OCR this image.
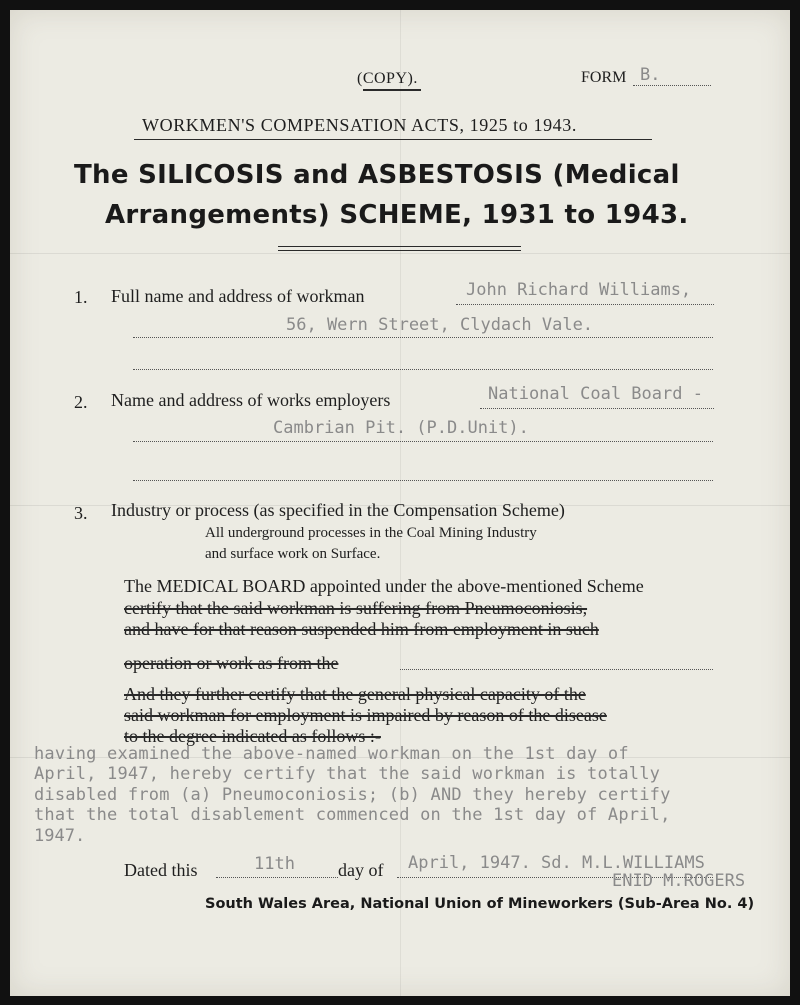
(COPY).	FORM B.
WORKMEN'S COMPENSATION ACTS, 1925 to 1943.
The SILICOSIS and ASBESTOSIS (Medical
Arrangements) SCHEME, 1931 to 1943.
1. Full name and address of workman	John Richard Williams,
56, Wern Street, Clydach Vale.
2. Name and address of works employers	National Coal Board -
Cambrian Pit. (P.D.Unit).
3. Industry or process (as specified in the Compensation Scheme)
All underground processes in the Coal Mining Industry
and surface work on Surface.
The MEDICAL BOARD appointed under the above-mentioned Scheme
certify that the said workman is suffering from Pneumoconiosis,
and have for that reason suspended him from employment in such
operation or work as from the
And they further certify that the general physical capacity of the
said workman for employment is impaired by reason of the disease
to the degree indicated as follows :-
having examined the above-named workman on the 1st day of
April, 1947, hereby certify that the said workman is totally
disabled from (a) Pneumoconiosis; (b) AND they hereby certify
that the total disablement commenced on the 1st day of April,
1947.
Dated this	11th day of April, 1947. Sd. M.L.WILLIAMS
ENID M.ROGERS
South Wales Area, National Union of Mineworkers (Sub-Area No. 4)
